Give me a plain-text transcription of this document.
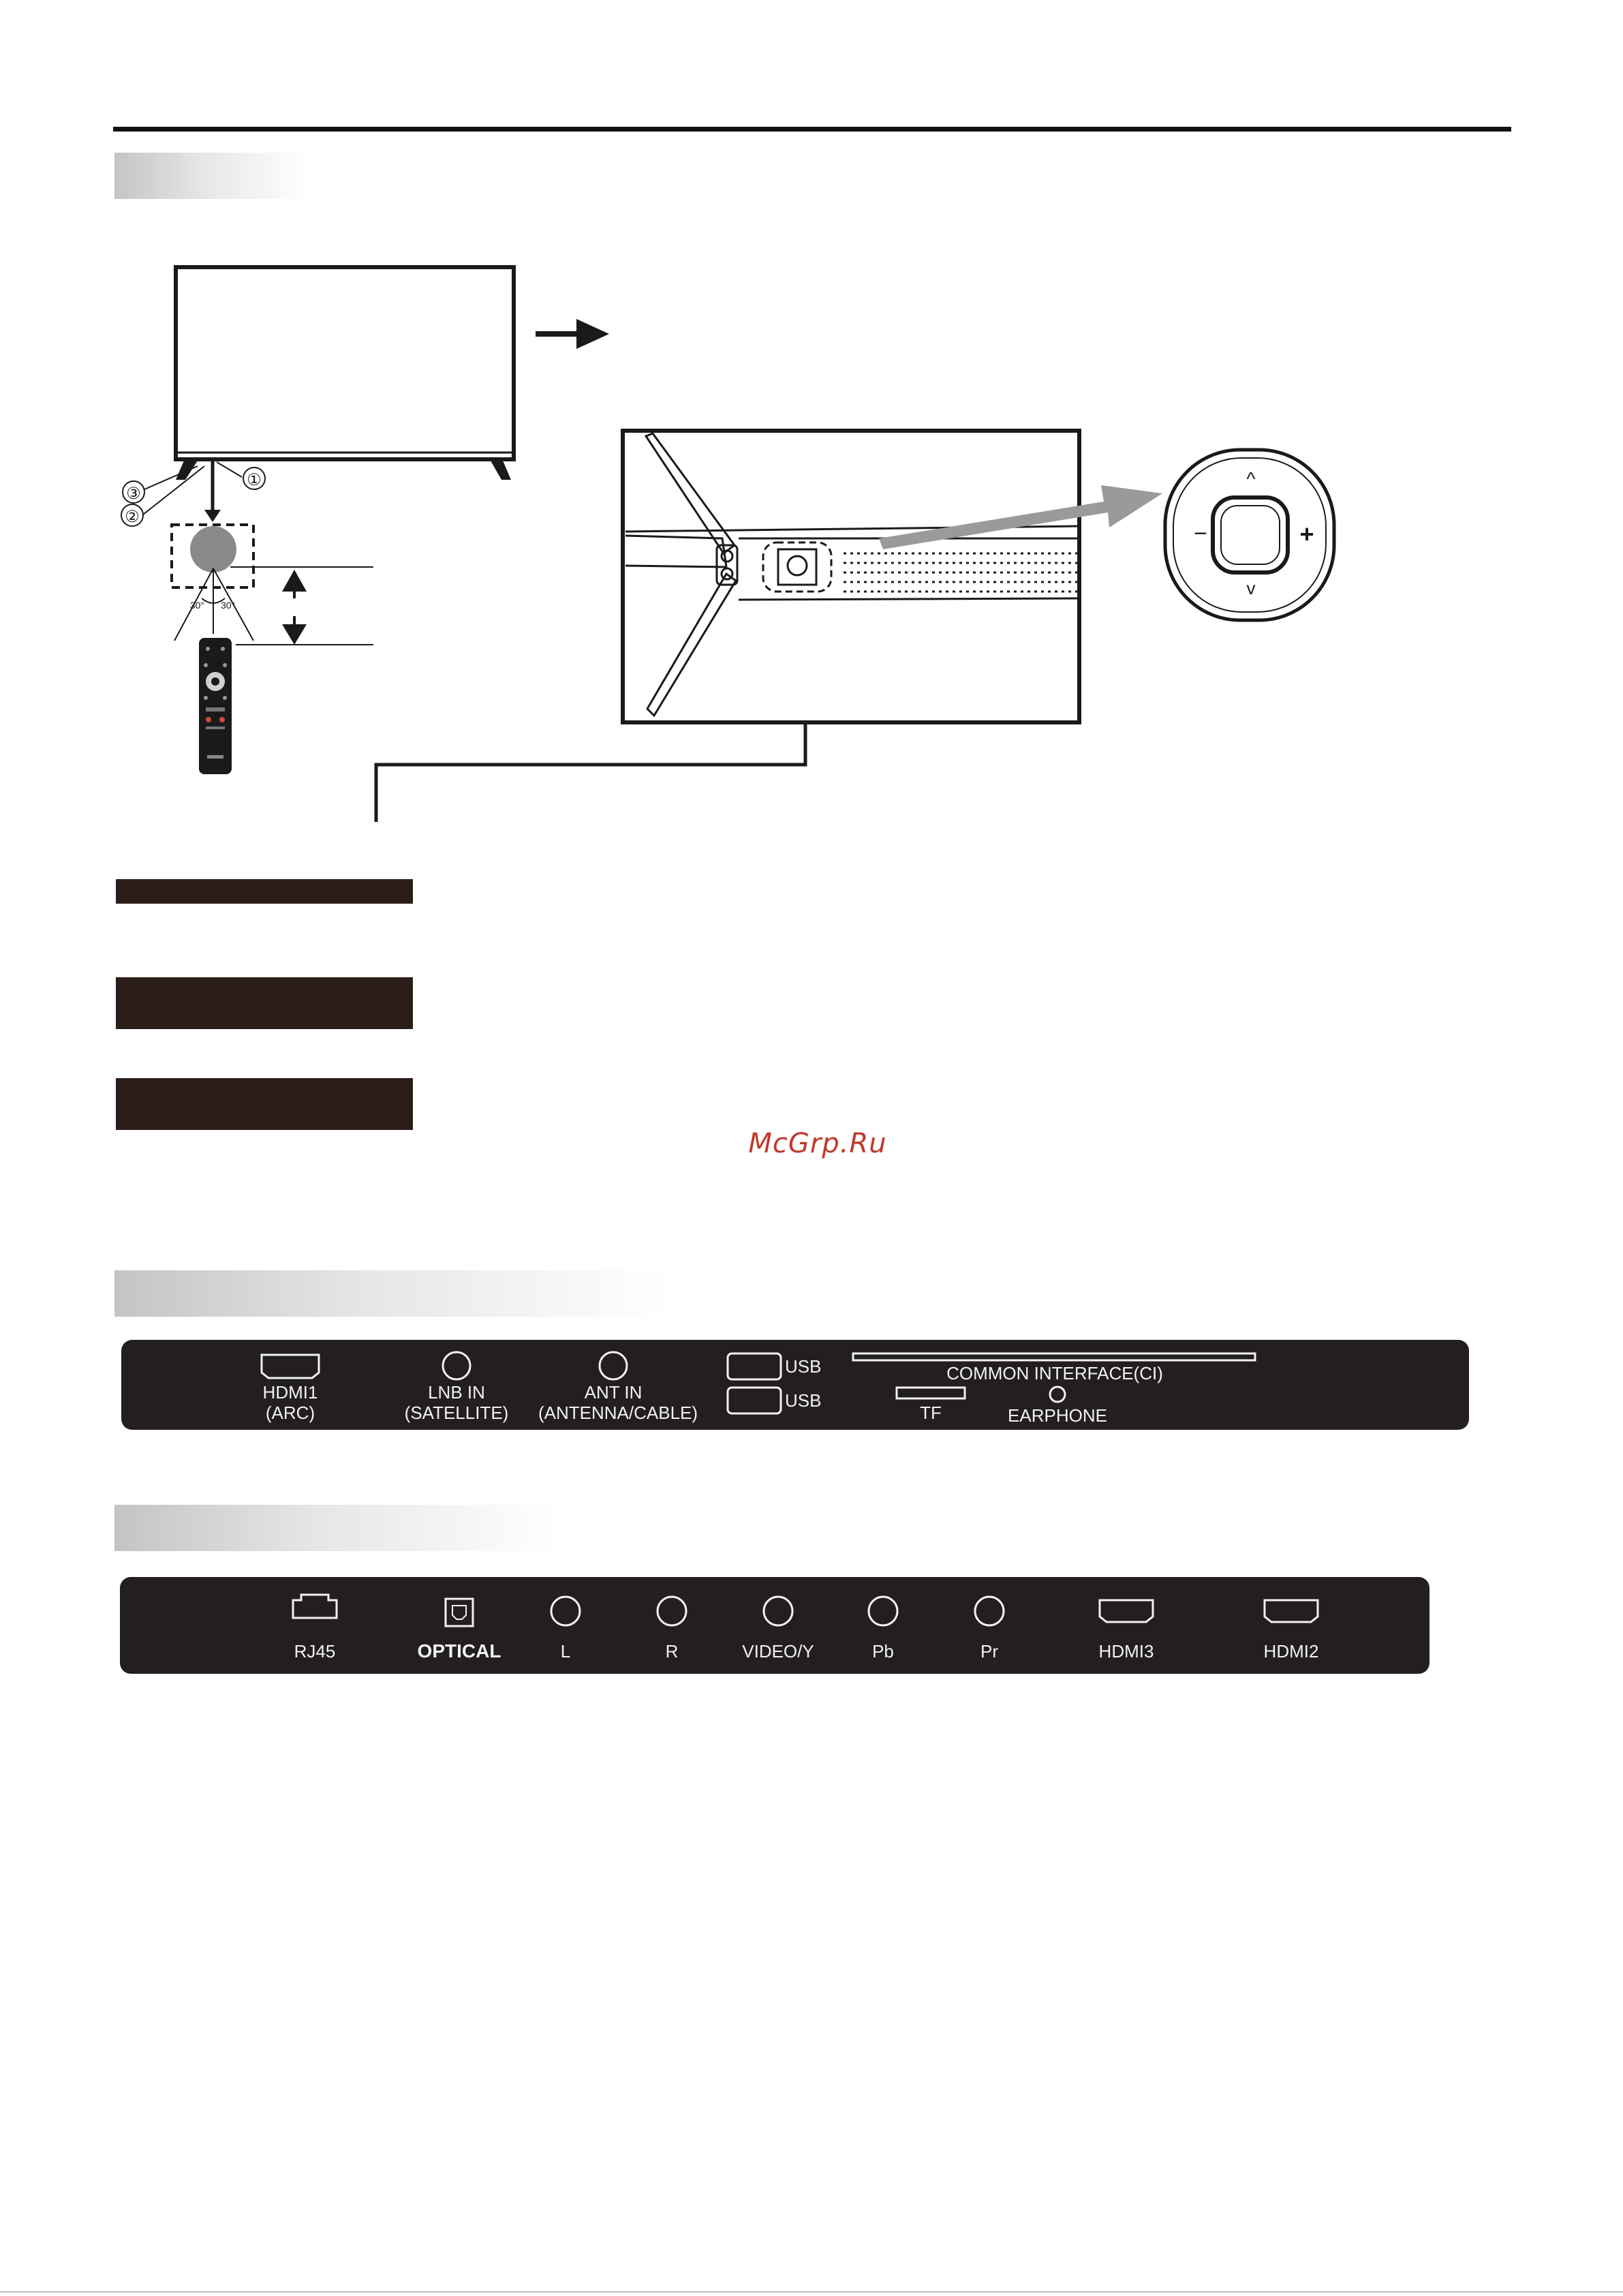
①
③
②
30° 30°
−	+
^
v
McGrp.Ru
HDMI1
(ARC)
LNB IN
(SATELLITE)
ANT IN
(ANTENNA/CABLE)
USB
USB
COMMON INTERFACE(CI)
TF	EARPHONE
RJ45	OPTICAL	L	R	VIDEO/Y	Pb	Pr	HDMI3	HDMI2
